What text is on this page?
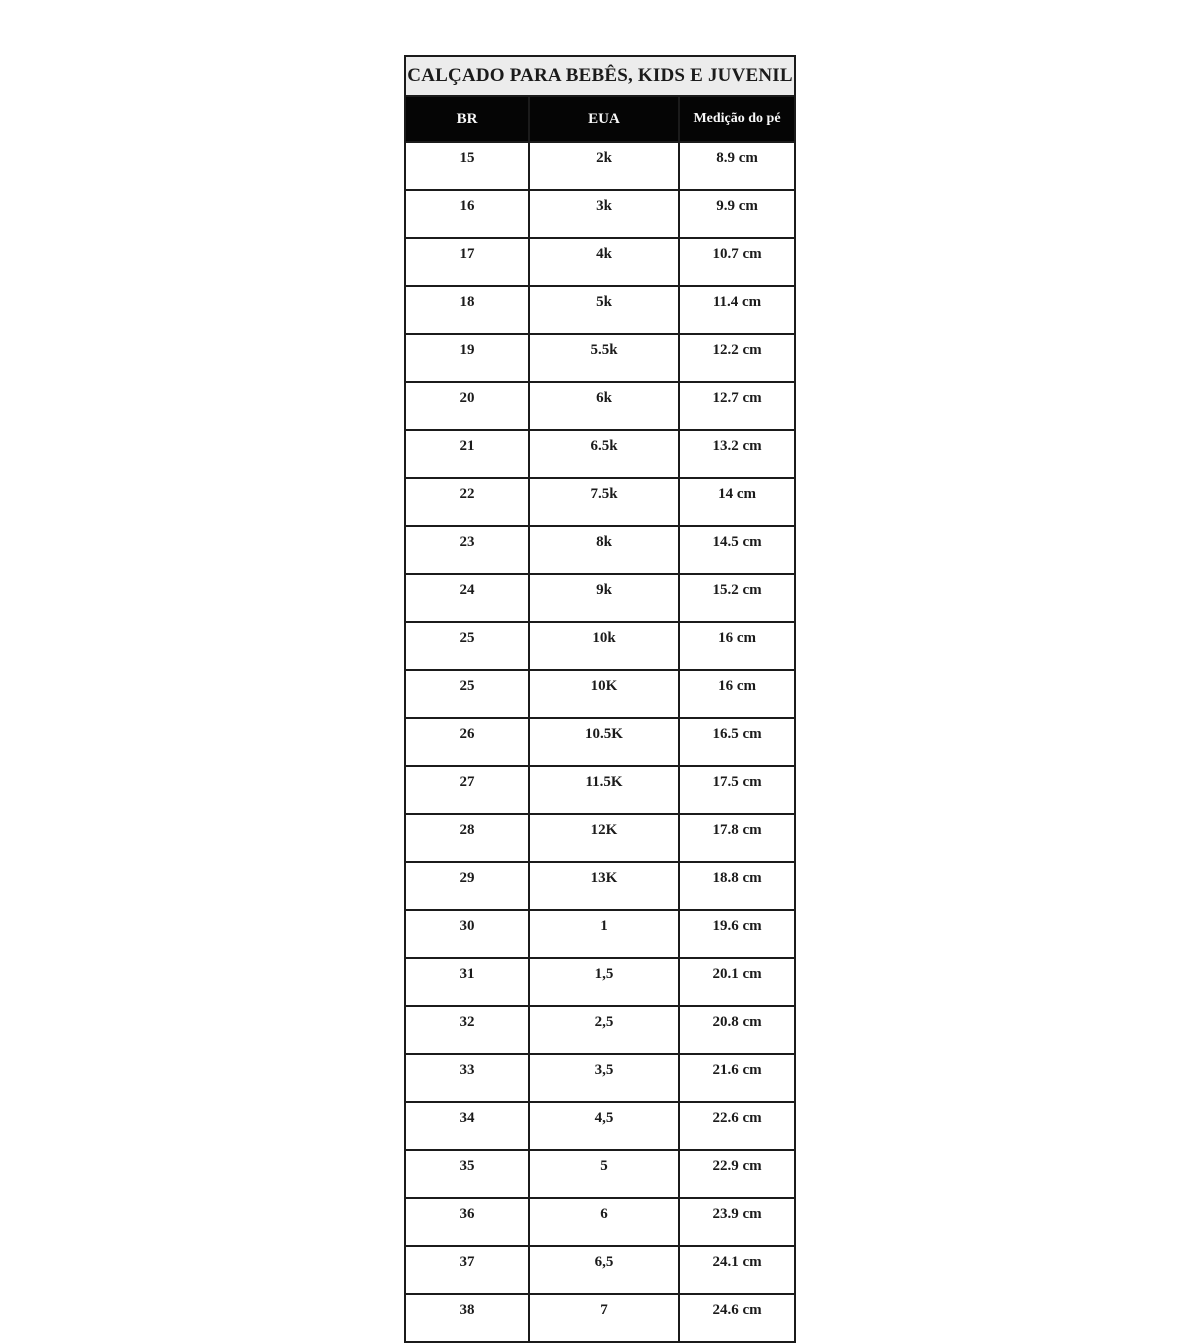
CALÇADO PARA BEBÊS, KIDS E JUVENIL		
BR	EUA	Medição do pé
15	2k	8.9 cm
16	3k	9.9 cm
17	4k	10.7 cm
18	5k	11.4 cm
19	5.5k	12.2 cm
20	6k	12.7 cm
21	6.5k	13.2 cm
22	7.5k	14 cm
23	8k	14.5 cm
24	9k	15.2 cm
25	10k	16 cm
25	10K	16 cm
26	10.5K	16.5 cm
27	11.5K	17.5 cm
28	12K	17.8 cm
29	13K	18.8 cm
30	1	19.6 cm
31	1,5	20.1 cm
32	2,5	20.8 cm
33	3,5	21.6 cm
34	4,5	22.6 cm
35	5	22.9 cm
36	6	23.9 cm
37	6,5	24.1 cm
38	7	24.6 cm
